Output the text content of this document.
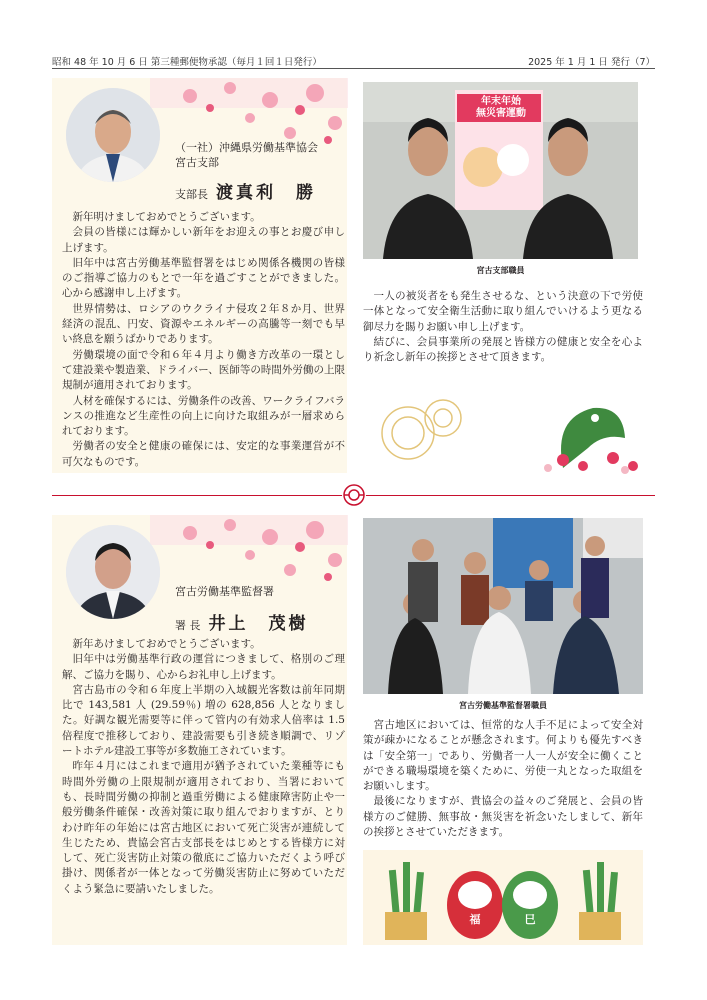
昭和 48 年 10 月 6 日 第三種郵便物承認（毎月１回１日発行）	2025 年 1 月 1 日 発行（7）
（一社）沖縄県労働基準協会
宮古支部
支部長 渡真利　勝

新年明けましておめでとうございます。

会員の皆様には輝かしい新年をお迎えの事とお慶び申し上げます。

旧年中は宮古労働基準監督署をはじめ関係各機関の皆様のご指導ご協力のもとで一年を過ごすことができました。心から感謝申し上げます。

世界情勢は、ロシアのウクライナ侵攻２年８か月、世界経済の混乱、円安、資源やエネルギーの高騰等一刻でも早い終息を願うばかりであります。

労働環境の面で令和６年４月より働き方改革の一環として建設業や製造業、ドライバー、医師等の時間外労働の上限規制が適用されております。

人材を確保するには、労働条件の改善、ワークライフバランスの推進など生産性の向上に向けた取組みが一層求められております。

労働者の安全と健康の確保には、安定的な事業運営が不可欠なものです。

年末年始
無災害運動
宮古支部職員

一人の被災者をも発生させるな、という決意の下で労使一体となって安全衛生活動に取り組んでいけるよう更なる御尽力を賜りお願い申し上げます。

結びに、会員事業所の発展と皆様方の健康と安全を心より祈念し新年の挨拶とさせて頂きます。

宮古労働基準監督署
署 長 井上　茂樹

新年あけましておめでとうございます。

旧年中は労働基準行政の運営につきまして、格別のご理解、ご協力を賜り、心からお礼申し上げます。

宮古島市の令和６年度上半期の入域観光客数は前年同期比で 143,581 人 (29.59％) 増の 628,856 人となりました。好調な観光需要等に伴って管内の有効求人倍率は 1.5 倍程度で推移しており、建設需要も引き続き順調で、リゾートホテル建設工事等が多数施工されています。

昨年４月にはこれまで適用が猶予されていた業種等にも時間外労働の上限規制が適用されており、当署においても、長時間労働の抑制と過重労働による健康障害防止や一般労働条件確保・改善対策に取り組んでおりますが、とりわけ昨年の年始には宮古地区において死亡災害が連続して生じたため、貴協会宮古支部長をはじめとする皆様方に対して、死亡災害防止対策の徹底にご協力いただくよう呼び掛け、関係者が一体となって労働災害防止に努めていただくよう緊急に要請いたしました。

宮古労働基準監督署職員

宮古地区においては、恒常的な人手不足によって安全対策が疎かになることが懸念されます。何よりも優先すべきは「安全第一」であり、労働者一人一人が安全に働くことができる職場環境を築くために、労使一丸となった取組をお願いします。

最後になりますが、貴協会の益々のご発展と、会員の皆様方のご健勝、無事故・無災害を祈念いたしまして、新年の挨拶とさせていただきます。

福	巳
